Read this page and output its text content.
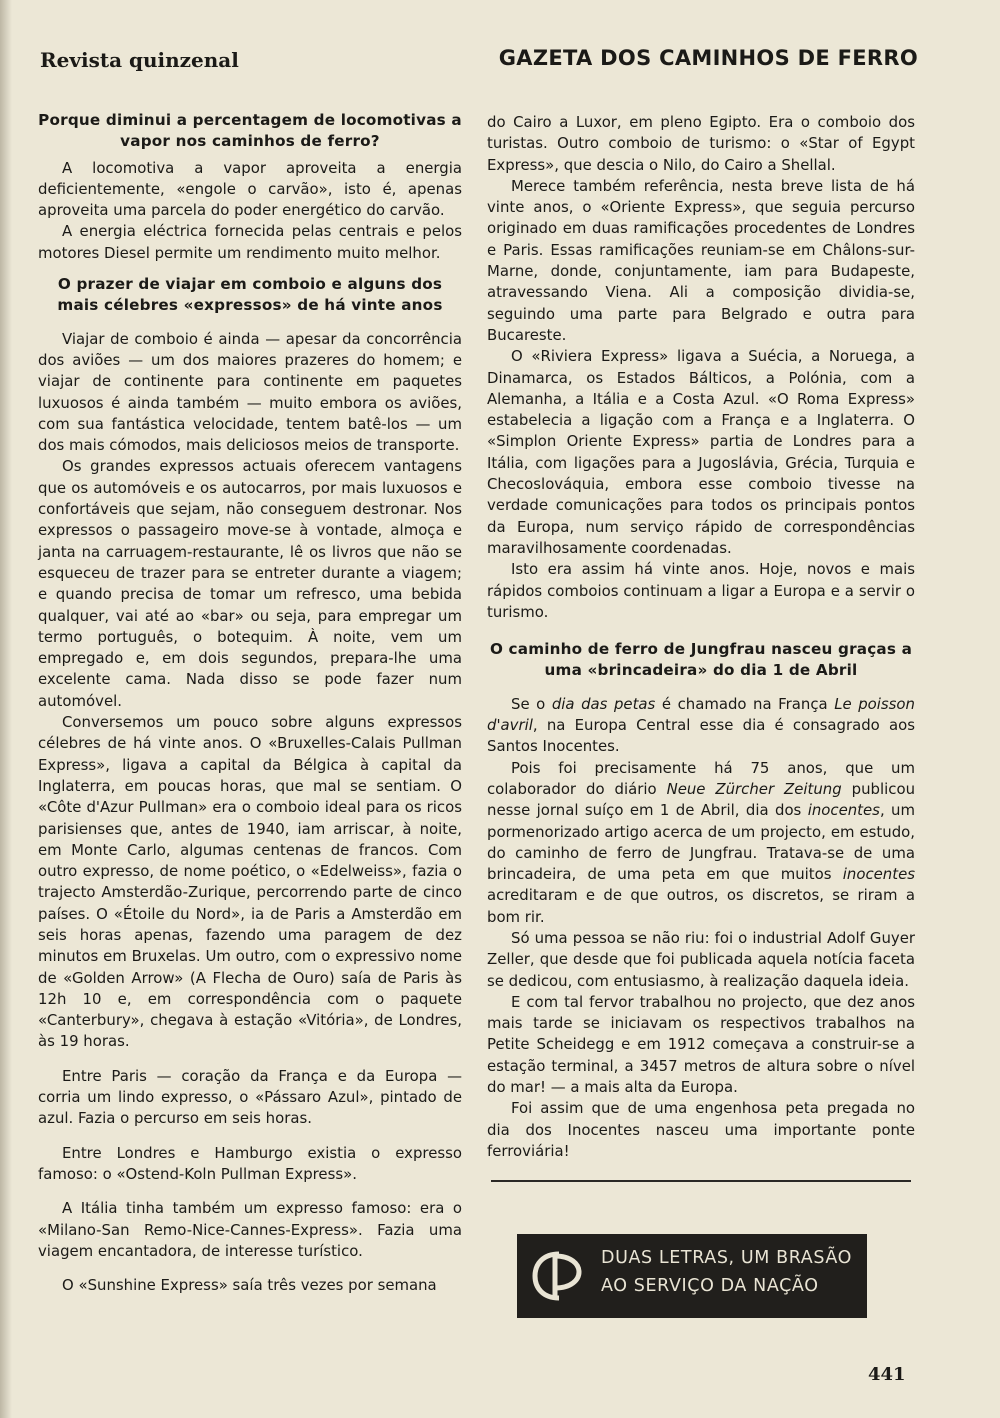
Revista quinzenal	GAZETA DOS CAMINHOS DE FERRO
Porque diminui a percentagem de locomotivas a vapor nos caminhos de ferro?

A locomotiva a vapor aproveita a energia deficientemente, «engole o carvão», isto é, apenas aproveita uma parcela do poder energético do carvão.

A energia eléctrica fornecida pelas centrais e pelos motores Diesel permite um rendimento muito melhor.

O prazer de viajar em comboio e alguns dos mais célebres «expressos» de há vinte anos

Viajar de comboio é ainda — apesar da concorrência dos aviões — um dos maiores prazeres do homem; e viajar de continente para continente em paquetes luxuosos é ainda também — muito embora os aviões, com sua fantástica velocidade, tentem batê-los — um dos mais cómodos, mais deliciosos meios de transporte.

Os grandes expressos actuais oferecem vantagens que os automóveis e os autocarros, por mais luxuosos e confortáveis que sejam, não conseguem destronar. Nos expressos o passageiro move-se à vontade, almoça e janta na carruagem-restaurante, lê os livros que não se esqueceu de trazer para se entreter durante a viagem; e quando precisa de tomar um refresco, uma bebida qualquer, vai até ao «bar» ou seja, para empregar um termo português, o botequim. À noite, vem um empregado e, em dois segundos, prepara-lhe uma excelente cama. Nada disso se pode fazer num automóvel.

Conversemos um pouco sobre alguns expressos célebres de há vinte anos. O «Bruxelles-Calais Pullman Express», ligava a capital da Bélgica à capital da Inglaterra, em poucas horas, que mal se sentiam. O «Côte d'Azur Pullman» era o comboio ideal para os ricos parisienses que, antes de 1940, iam arriscar, à noite, em Monte Carlo, algumas centenas de francos. Com outro expresso, de nome poético, o «Edelweiss», fazia o trajecto Amsterdão-Zurique, percorrendo parte de cinco países. O «Étoile du Nord», ia de Paris a Amsterdão em seis horas apenas, fazendo uma paragem de dez minutos em Bruxelas. Um outro, com o expressivo nome de «Golden Arrow» (A Flecha de Ouro) saía de Paris às 12h 10 e, em correspondência com o paquete «Canterbury», chegava à estação «Vitória», de Londres, às 19 horas.

Entre Paris — coração da França e da Europa — corria um lindo expresso, o «Pássaro Azul», pintado de azul. Fazia o percurso em seis horas.

Entre Londres e Hamburgo existia o expresso famoso: o «Ostend-Koln Pullman Express».

A Itália tinha também um expresso famoso: era o «Milano-San Remo-Nice-Cannes-Express». Fazia uma viagem encantadora, de interesse turístico.

O «Sunshine Express» saía três vezes por semana

do Cairo a Luxor, em pleno Egipto. Era o comboio dos turistas. Outro comboio de turismo: o «Star of Egypt Express», que descia o Nilo, do Cairo a Shellal.

Merece também referência, nesta breve lista de há vinte anos, o «Oriente Express», que seguia percurso originado em duas ramificações procedentes de Londres e Paris. Essas ramificações reuniam-se em Châlons-sur-Marne, donde, conjuntamente, iam para Budapeste, atravessando Viena. Ali a composição dividia-se, seguindo uma parte para Belgrado e outra para Bucareste.

O «Riviera Express» ligava a Suécia, a Noruega, a Dinamarca, os Estados Bálticos, a Polónia, com a Alemanha, a Itália e a Costa Azul. «O Roma Express» estabelecia a ligação com a França e a Inglaterra. O «Simplon Oriente Express» partia de Londres para a Itália, com ligações para a Jugoslávia, Grécia, Turquia e Checoslováquia, embora esse comboio tivesse na verdade comunicações para todos os principais pontos da Europa, num serviço rápido de correspondências maravilhosamente coordenadas.

Isto era assim há vinte anos. Hoje, novos e mais rápidos comboios continuam a ligar a Europa e a servir o turismo.

O caminho de ferro de Jungfrau nasceu graças a uma «brincadeira» do dia 1 de Abril

Se o dia das petas é chamado na França Le poisson d'avril, na Europa Central esse dia é consagrado aos Santos Inocentes.

Pois foi precisamente há 75 anos, que um colaborador do diário Neue Zürcher Zeitung publicou nesse jornal suíço em 1 de Abril, dia dos inocentes, um pormenorizado artigo acerca de um projecto, em estudo, do caminho de ferro de Jungfrau. Tratava-se de uma brincadeira, de uma peta em que muitos inocentes acreditaram e de que outros, os discretos, se riram a bom rir.

Só uma pessoa se não riu: foi o industrial Adolf Guyer Zeller, que desde que foi publicada aquela notícia faceta se dedicou, com entusiasmo, à realização daquela ideia.

E com tal fervor trabalhou no projecto, que dez anos mais tarde se iniciavam os respectivos trabalhos na Petite Scheidegg e em 1912 começava a construir-se a estação terminal, a 3457 metros de altura sobre o nível do mar! — a mais alta da Europa.

Foi assim que de uma engenhosa peta pregada no dia dos Inocentes nasceu uma importante ponte ferroviária!

DUAS LETRAS, UM BRASÃO
AO SERVIÇO DA NAÇÃO
441
